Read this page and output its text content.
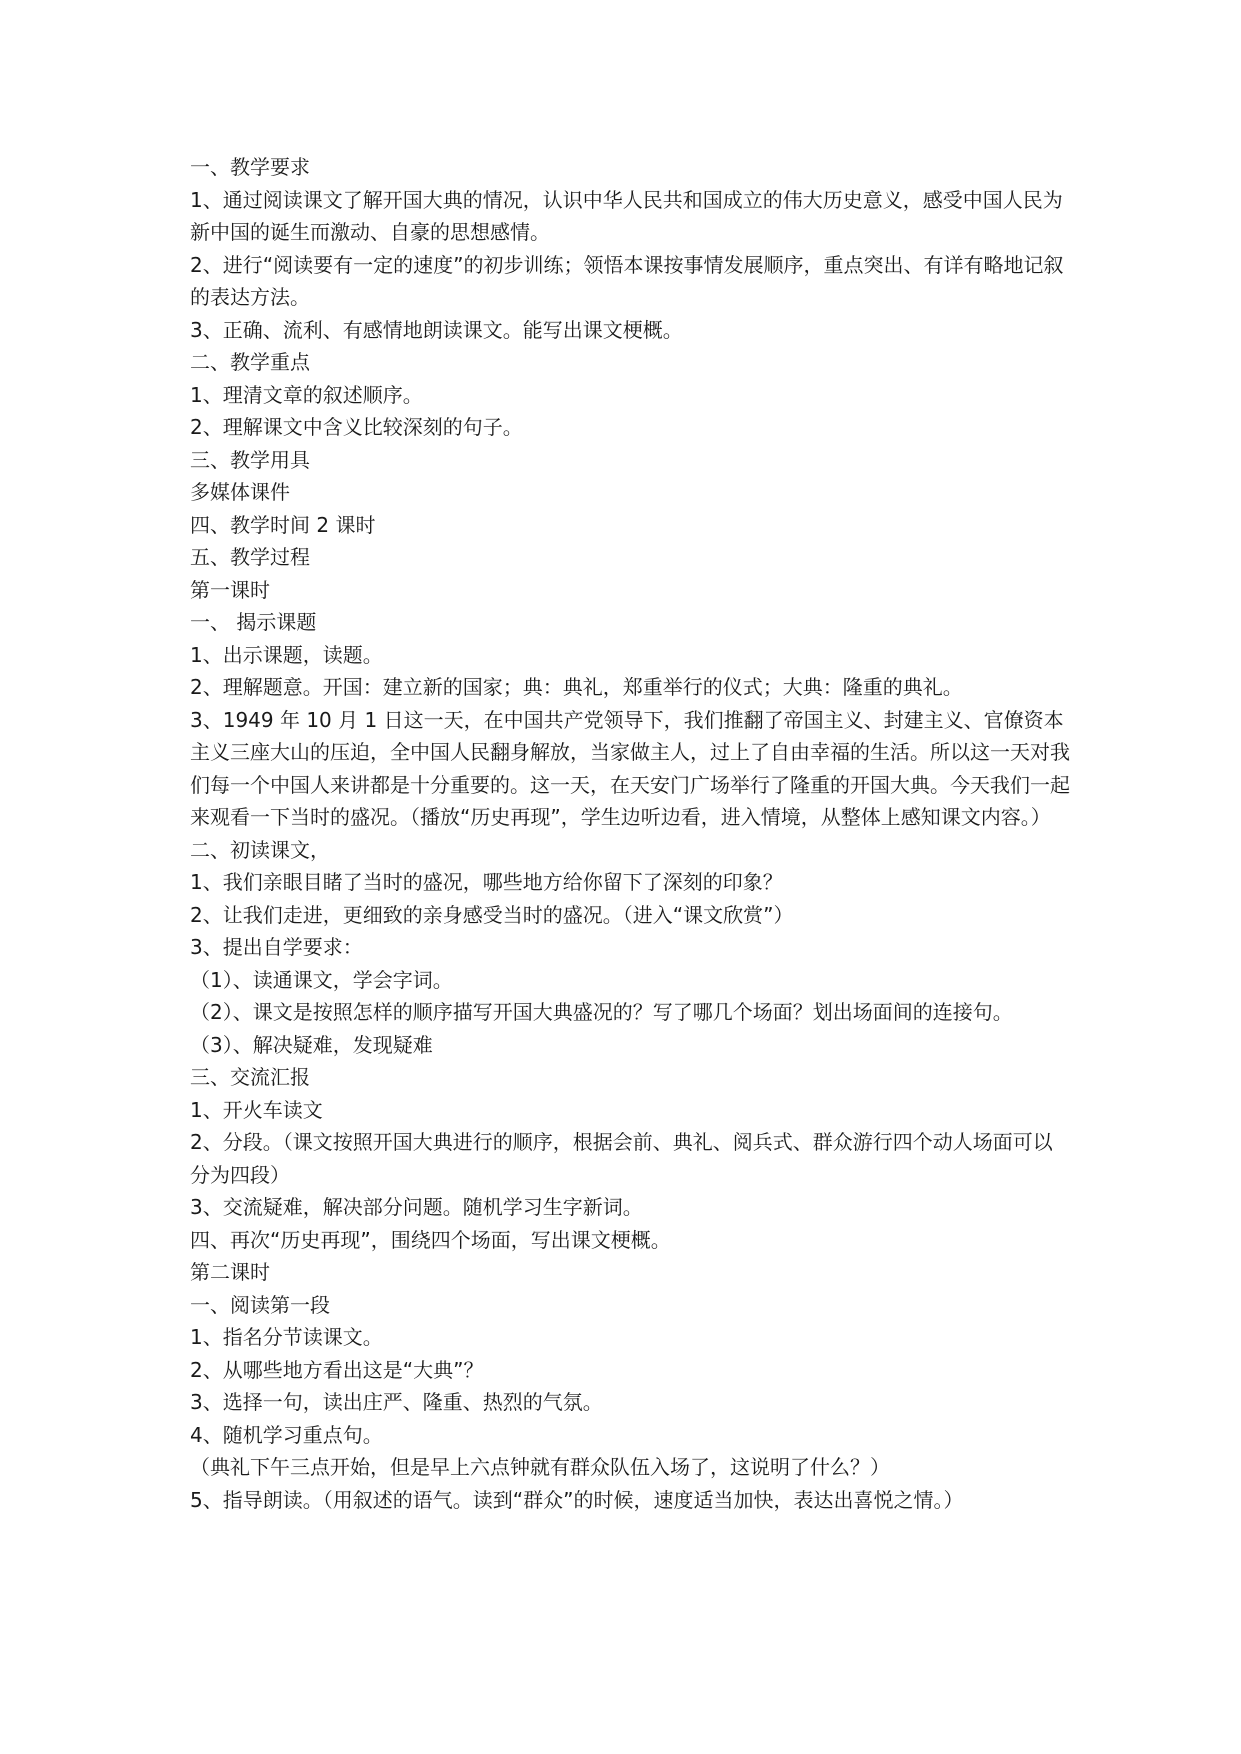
一、教学要求

1、通过阅读课文了解开国大典的情况，认识中华人民共和国成立的伟大历史意义，感受中国人民为新中国的诞生而激动、自豪的思想感情。

2、进行“阅读要有一定的速度”的初步训练；领悟本课按事情发展顺序，重点突出、有详有略地记叙的表达方法。

3、正确、流利、有感情地朗读课文。能写出课文梗概。

二、教学重点

1、理清文章的叙述顺序。

2、理解课文中含义比较深刻的句子。

三、教学用具

多媒体课件

四、教学时间 2 课时

五、教学过程

第一课时

一、 揭示课题

1、出示课题，读题。

2、理解题意。开国：建立新的国家；典：典礼，郑重举行的仪式；大典：隆重的典礼。

3、1949 年 10 月 1 日这一天，在中国共产党领导下，我们推翻了帝国主义、封建主义、官僚资本主义三座大山的压迫，全中国人民翻身解放，当家做主人，过上了自由幸福的生活。所以这一天对我们每一个中国人来讲都是十分重要的。这一天，在天安门广场举行了隆重的开国大典。今天我们一起来观看一下当时的盛况。（播放“历史再现”，学生边听边看，进入情境，从整体上感知课文内容。）

二、初读课文，

1、我们亲眼目睹了当时的盛况，哪些地方给你留下了深刻的印象？

2、让我们走进，更细致的亲身感受当时的盛况。（进入“课文欣赏”）

3、提出自学要求：

（1）、读通课文，学会字词。

（2）、课文是按照怎样的顺序描写开国大典盛况的？写了哪几个场面？划出场面间的连接句。

（3）、解决疑难，发现疑难

三、交流汇报

1、开火车读文

2、分段。（课文按照开国大典进行的顺序，根据会前、典礼、阅兵式、群众游行四个动人场面可以分为四段）

3、交流疑难，解决部分问题。随机学习生字新词。

四、再次“历史再现”，围绕四个场面，写出课文梗概。

第二课时

一、阅读第一段

1、指名分节读课文。

2、从哪些地方看出这是“大典”？

3、选择一句，读出庄严、隆重、热烈的气氛。

4、随机学习重点句。

（典礼下午三点开始，但是早上六点钟就有群众队伍入场了，这说明了什么？）

5、指导朗读。（用叙述的语气。读到“群众”的时候，速度适当加快，表达出喜悦之情。）
